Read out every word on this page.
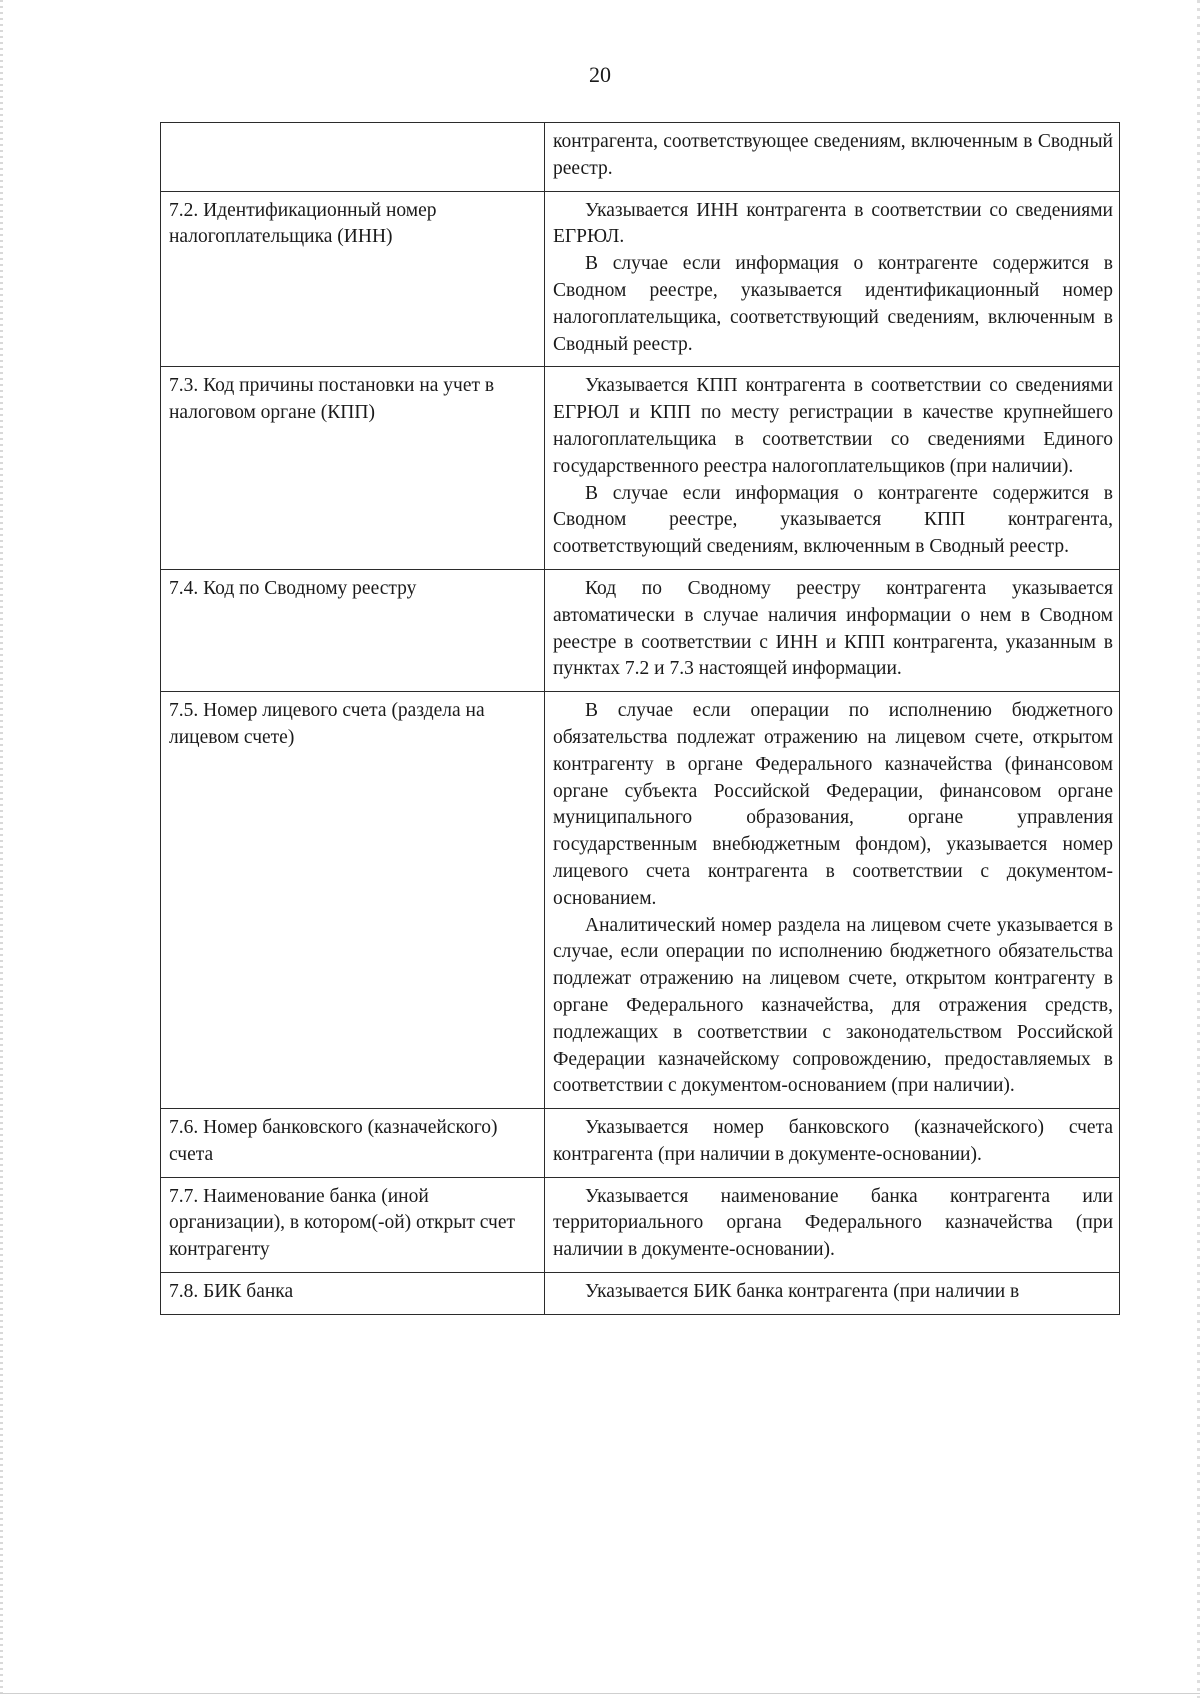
20

	контрагента, соответствующее сведениям, включенным в Сводный реестр.

7.2. Идентификационный номер налогоплательщика (ИНН)	Указывается ИНН контрагента в соответствии со сведениями ЕГРЮЛ.

В случае если информация о контрагенте содержится в Сводном реестре, указывается идентификационный номер налогоплательщика, соответствующий сведениям, включенным в Сводный реестр.

7.3. Код причины постановки на учет в налоговом органе (КПП)	Указывается КПП контрагента в соответствии со сведениями ЕГРЮЛ и КПП по месту регистрации в качестве крупнейшего налогоплательщика в соответствии со сведениями Единого государственного реестра налогоплательщиков (при наличии).

В случае если информация о контрагенте содержится в Сводном реестре, указывается КПП контрагента, соответствующий сведениям, включенным в Сводный реестр.

7.4. Код по Сводному реестру	Код по Сводному реестру контрагента указывается автоматически в случае наличия информации о нем в Сводном реестре в соответствии с ИНН и КПП контрагента, указанным в пунктах 7.2 и 7.3 настоящей информации.

7.5. Номер лицевого счета (раздела на лицевом счете)	В случае если операции по исполнению бюджетного обязательства подлежат отражению на лицевом счете, открытом контрагенту в органе Федерального казначейства (финансовом органе субъекта Российской Федерации, финансовом органе муниципального образования, органе управления государственным внебюджетным фондом), указывается номер лицевого счета контрагента в соответствии с документом-основанием.

Аналитический номер раздела на лицевом счете указывается в случае, если операции по исполнению бюджетного обязательства подлежат отражению на лицевом счете, открытом контрагенту в органе Федерального казначейства, для отражения средств, подлежащих в соответствии с законодательством Российской Федерации казначейскому сопровождению, предоставляемых в соответствии с документом-основанием (при наличии).

7.6. Номер банковского (казначейского) счета	Указывается номер банковского (казначейского) счета контрагента (при наличии в документе-основании).

7.7. Наименование банка (иной организации), в котором(-ой) открыт счет контрагенту	Указывается наименование банка контрагента или территориального органа Федерального казначейства (при наличии в документе-основании).

7.8. БИК банка	Указывается БИК банка контрагента (при наличии в
